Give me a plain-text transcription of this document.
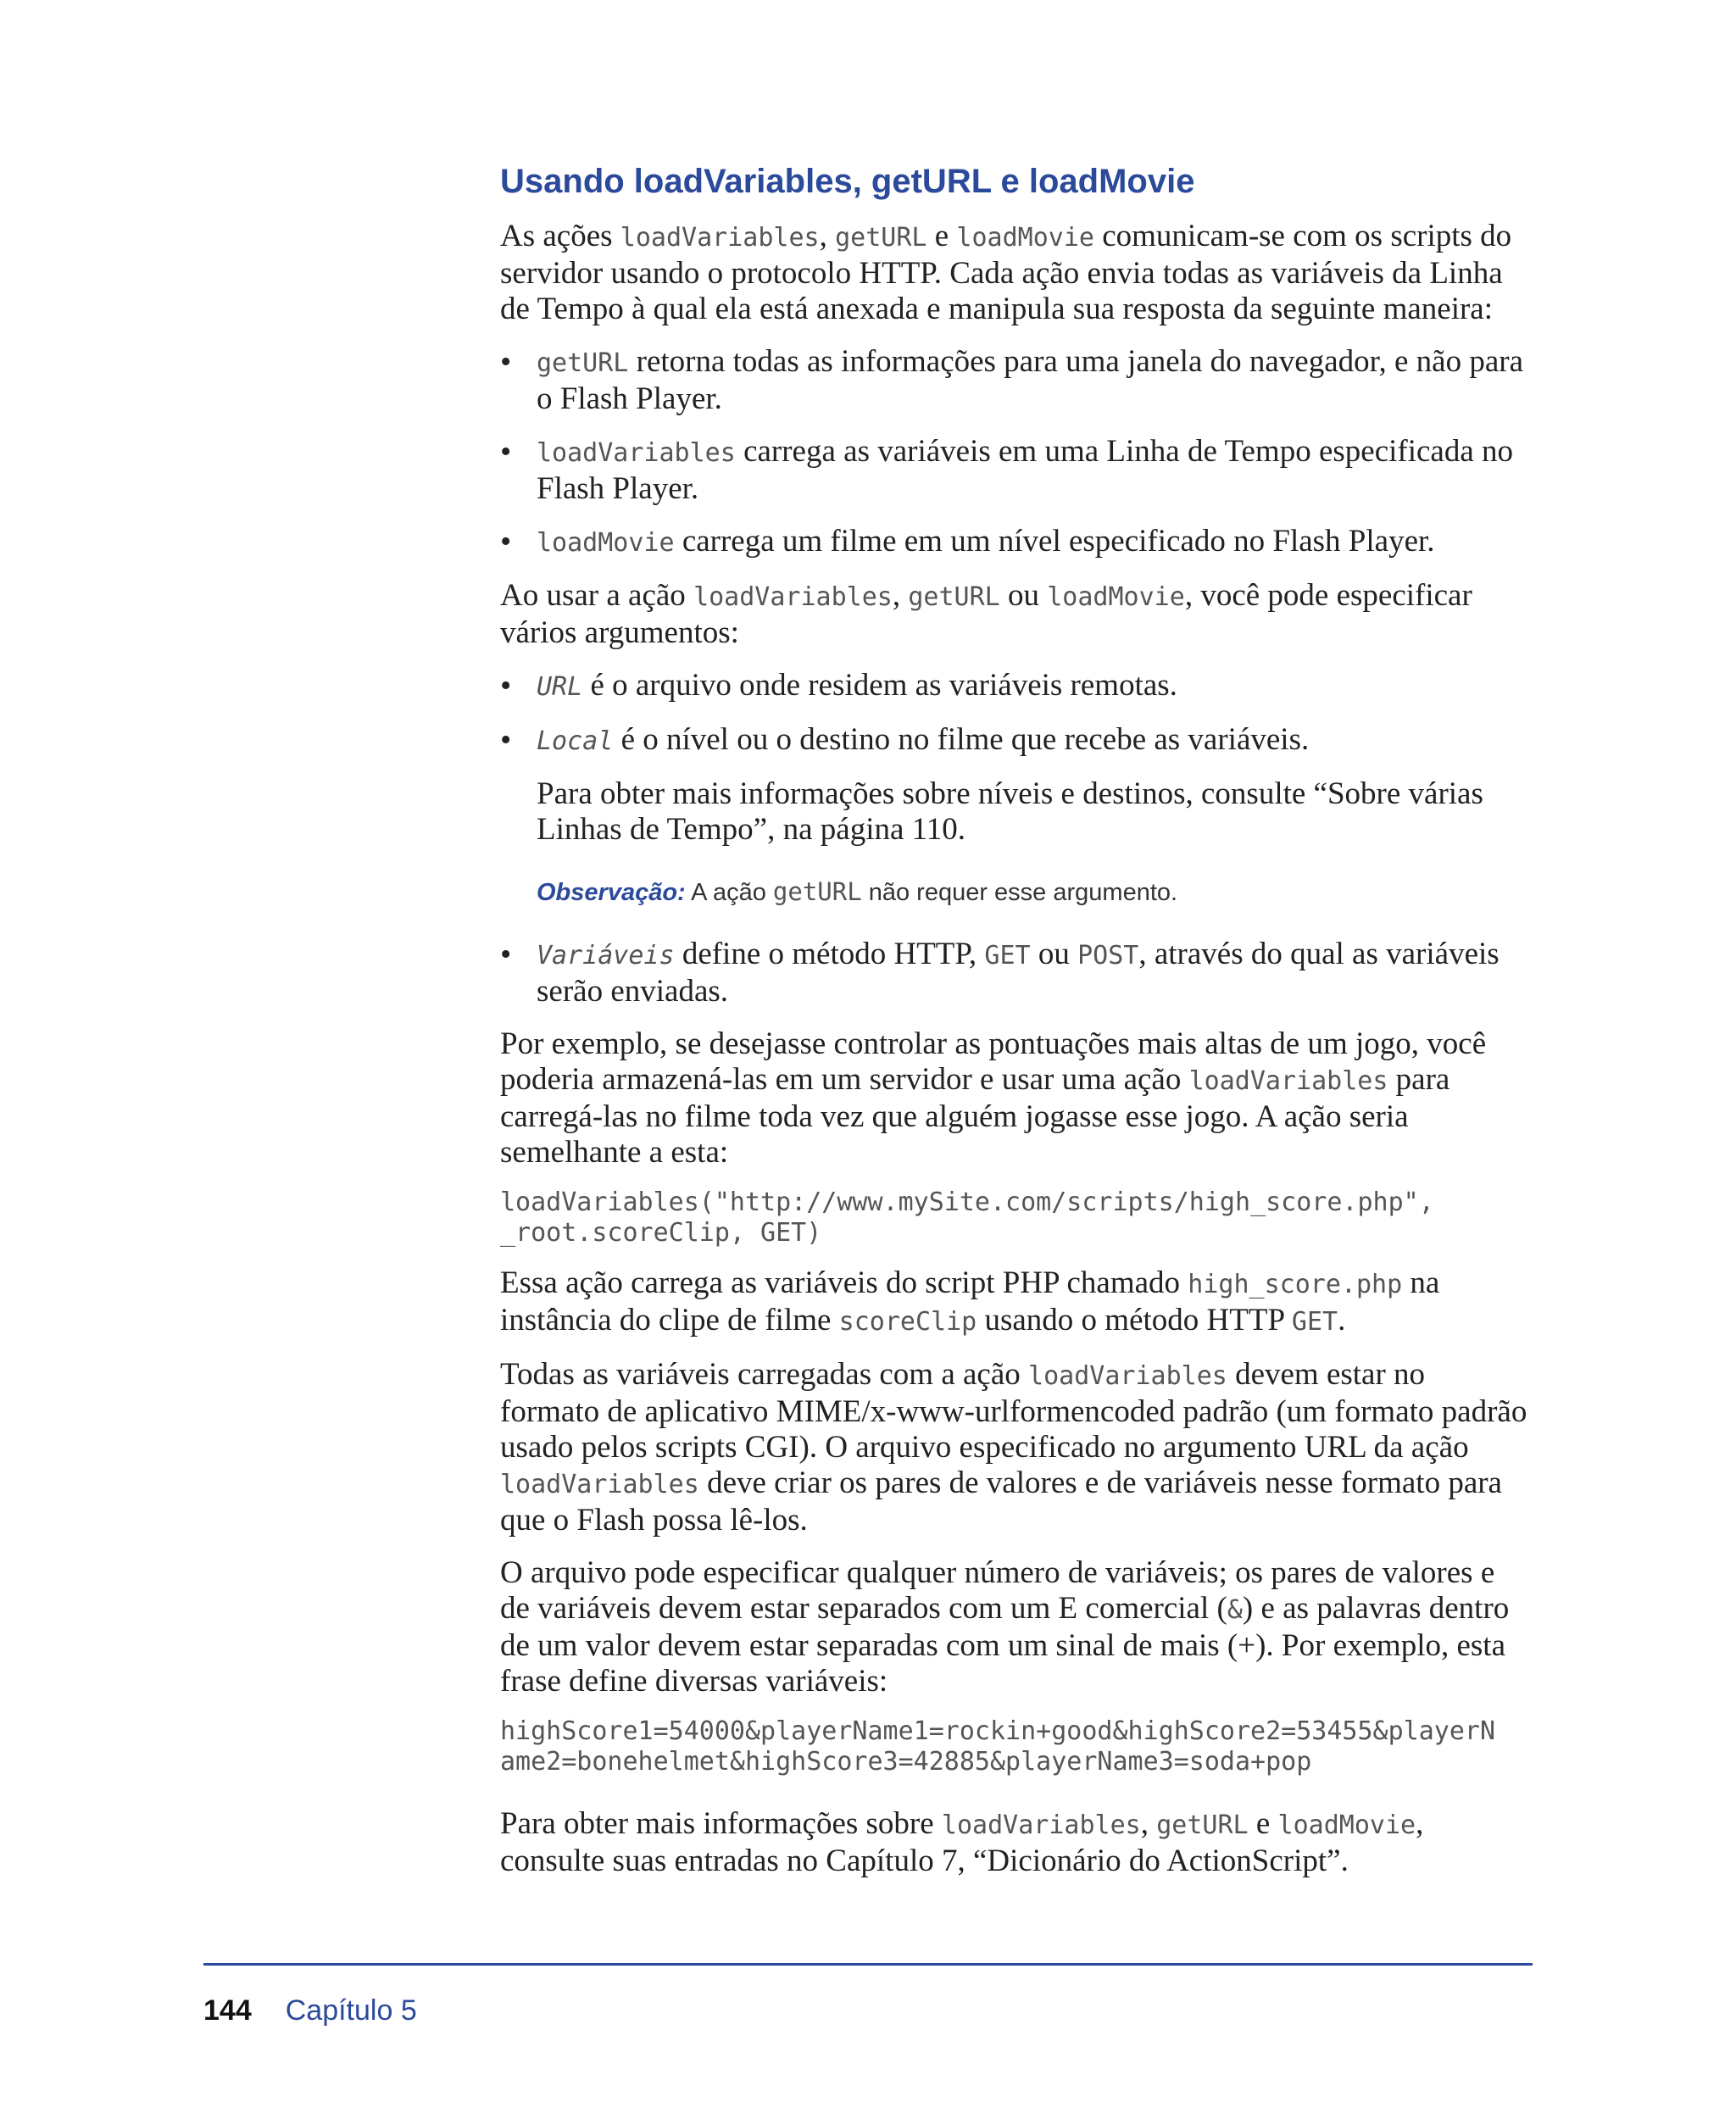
Usando loadVariables, getURL e loadMovie

As ações loadVariables, getURL e loadMovie comunicam-se com os scripts do servidor usando o protocolo HTTP. Cada ação envia todas as variáveis da Linha de Tempo à qual ela está anexada e manipula sua resposta da seguinte maneira:

• getURL retorna todas as informações para uma janela do navegador, e não para o Flash Player.
• loadVariables carrega as variáveis em uma Linha de Tempo especificada no Flash Player.
• loadMovie carrega um filme em um nível especificado no Flash Player.

Ao usar a ação loadVariables, getURL ou loadMovie, você pode especificar vários argumentos:

• URL é o arquivo onde residem as variáveis remotas.
• Local é o nível ou o destino no filme que recebe as variáveis.

Para obter mais informações sobre níveis e destinos, consulte “Sobre várias Linhas de Tempo”, na página 110.

Observação: A ação getURL não requer esse argumento.
• Variáveis define o método HTTP, GET ou POST, através do qual as variáveis serão enviadas.

Por exemplo, se desejasse controlar as pontuações mais altas de um jogo, você poderia armazená-las em um servidor e usar uma ação loadVariables para carregá-las no filme toda vez que alguém jogasse esse jogo. A ação seria semelhante a esta:

loadVariables("http://www.mySite.com/scripts/high_score.php",
_root.scoreClip, GET)

Essa ação carrega as variáveis do script PHP chamado high_score.php na instância do clipe de filme scoreClip usando o método HTTP GET.

Todas as variáveis carregadas com a ação loadVariables devem estar no formato de aplicativo MIME/x-www-urlformencoded padrão (um formato padrão usado pelos scripts CGI). O arquivo especificado no argumento URL da ação loadVariables deve criar os pares de valores e de variáveis nesse formato para que o Flash possa lê-los.

O arquivo pode especificar qualquer número de variáveis; os pares de valores e de variáveis devem estar separados com um E comercial (&) e as palavras dentro de um valor devem estar separadas com um sinal de mais (+). Por exemplo, esta frase define diversas variáveis:

highScore1=54000&playerName1=rockin+good&highScore2=53455&playerN
ame2=bonehelmet&highScore3=42885&playerName3=soda+pop

Para obter mais informações sobre loadVariables, getURL e loadMovie, consulte suas entradas no Capítulo 7, “Dicionário do ActionScript”.

144 Capítulo 5
